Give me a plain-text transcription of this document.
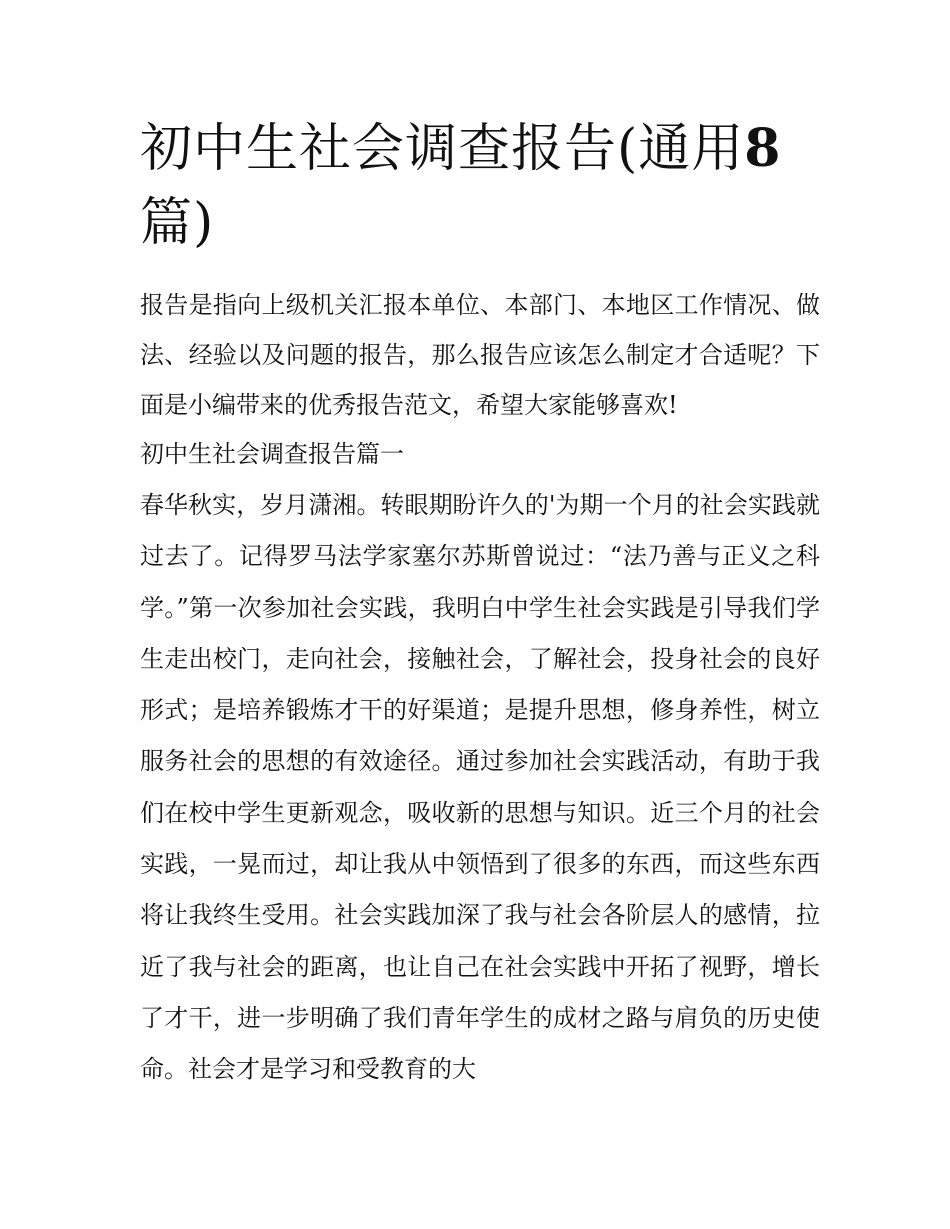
初中生社会调查报告(通用8
篇)

报告是指向上级机关汇报本单位、本部门、本地区工作情况、做法、经验以及问题的报告，那么报告应该怎么制定才合适呢？下面是小编带来的优秀报告范文，希望大家能够喜欢!

初中生社会调查报告篇一

春华秋实，岁月潇湘。转眼期盼许久的'为期一个月的社会实践就过去了。记得罗马法学家塞尔苏斯曾说过：“法乃善与正义之科学。”第一次参加社会实践，我明白中学生社会实践是引导我们学生走出校门，走向社会，接触社会，了解社会，投身社会的良好形式；是培养锻炼才干的好渠道；是提升思想，修身养性，树立服务社会的思想的有效途径。通过参加社会实践活动，有助于我们在校中学生更新观念，吸收新的思想与知识。近三个月的社会实践，一晃而过，却让我从中领悟到了很多的东西，而这些东西将让我终生受用。社会实践加深了我与社会各阶层人的感情，拉近了我与社会的距离，也让自己在社会实践中开拓了视野，增长了才干，进一步明确了我们青年学生的成材之路与肩负的历史使命。社会才是学习和受教育的大
